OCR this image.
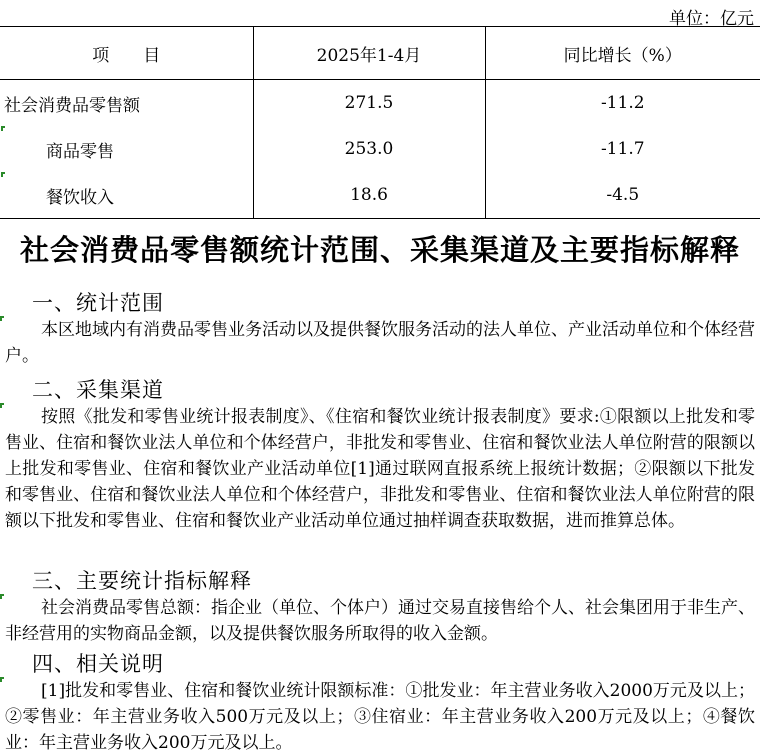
单位：亿元
项　　目	2025年1-4月	同比增长（%）
社会消费品零售额	271.5	-11.2

商品零售	253.0	-11.7

餐饮收入	18.6	-4.5
社会消费品零售额统计范围、采集渠道及主要指标解释
一、统计范围
本区地域内有消费品零售业务活动以及提供餐饮服务活动的法人单位、产业活动单位和个体经营户。
二、采集渠道
按照《批发和零售业统计报表制度》、《住宿和餐饮业统计报表制度》要求:①限额以上批发和零售业、住宿和餐饮业法人单位和个体经营户，非批发和零售业、住宿和餐饮业法人单位附营的限额以上批发和零售业、住宿和餐饮业产业活动单位[1]通过联网直报系统上报统计数据；②限额以下批发和零售业、住宿和餐饮业法人单位和个体经营户，非批发和零售业、住宿和餐饮业法人单位附营的限额以下批发和零售业、住宿和餐饮业产业活动单位通过抽样调查获取数据，进而推算总体。
三、主要统计指标解释
社会消费品零售总额：指企业（单位、个体户）通过交易直接售给个人、社会集团用于非生产、非经营用的实物商品金额，以及提供餐饮服务所取得的收入金额。
四、相关说明
[1]批发和零售业、住宿和餐饮业统计限额标准：①批发业：年主营业务收入2000万元及以上；②零售业：年主营业务收入500万元及以上；③住宿业：年主营业务收入200万元及以上；④餐饮业：年主营业务收入200万元及以上。
